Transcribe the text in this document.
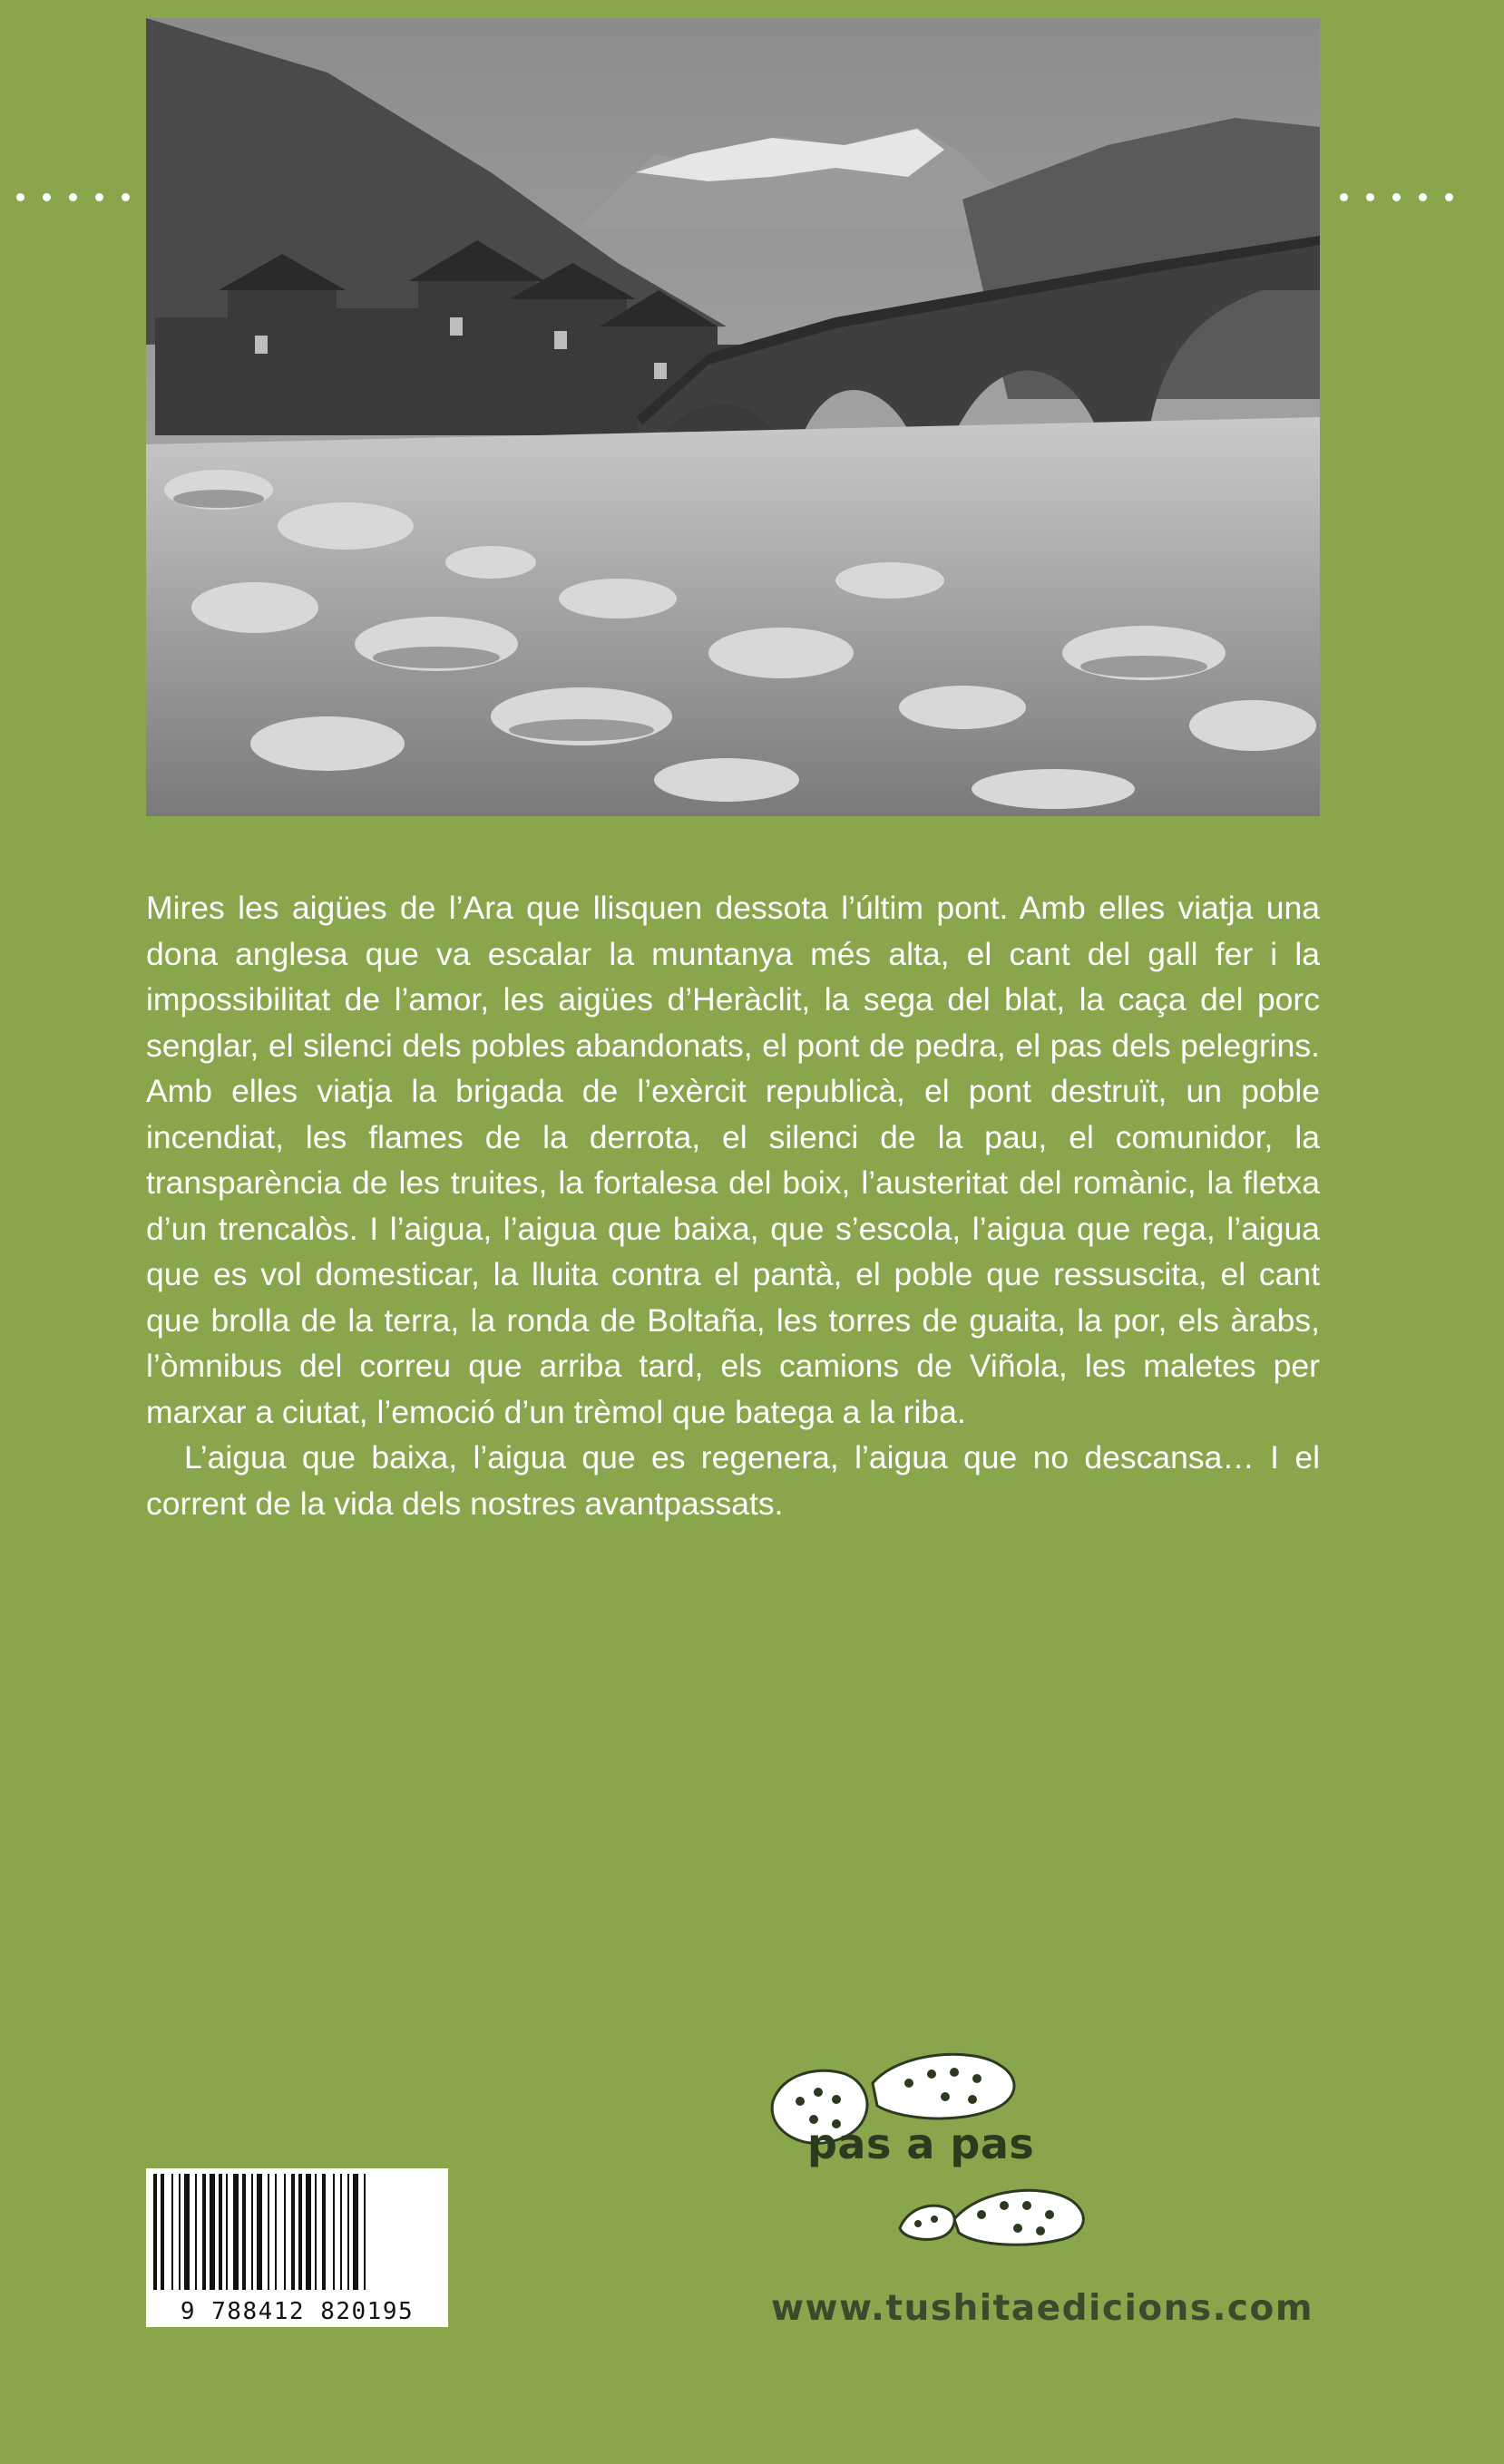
Mires les aigües de l’Ara que llisquen dessota l’últim pont. Amb elles viatja una dona anglesa que va escalar la muntanya més alta, el cant del gall fer i la impossibilitat de l’amor, les aigües d’Heràclit, la sega del blat, la caça del porc senglar, el silenci dels pobles abandonats, el pont de pedra, el pas dels pelegrins. Amb elles viatja la brigada de l’exèrcit republicà, el pont destruït, un poble incendiat, les flames de la derrota, el silenci de la pau, el comunidor, la transparència de les truites, la fortalesa del boix, l’austeritat del romànic, la fletxa d’un trencalòs. I l’aigua, l’aigua que baixa, que s’escola, l’aigua que rega, l’aigua que es vol domesticar, la lluita contra el pantà, el poble que ressuscita, el cant que brolla de la terra, la ronda de Boltaña, les torres de guaita, la por, els àrabs, l’òmnibus del correu que arriba tard, els camions de Viñola, les maletes per marxar a ciutat, l’emoció d’un trèmol que batega a la riba.

L’aigua que baixa, l’aigua que es regenera, l’aigua que no descansa… I el corrent de la vida dels nostres avantpassats.

9 788412 820195
pas a pas
www.tushitaedicions.com
